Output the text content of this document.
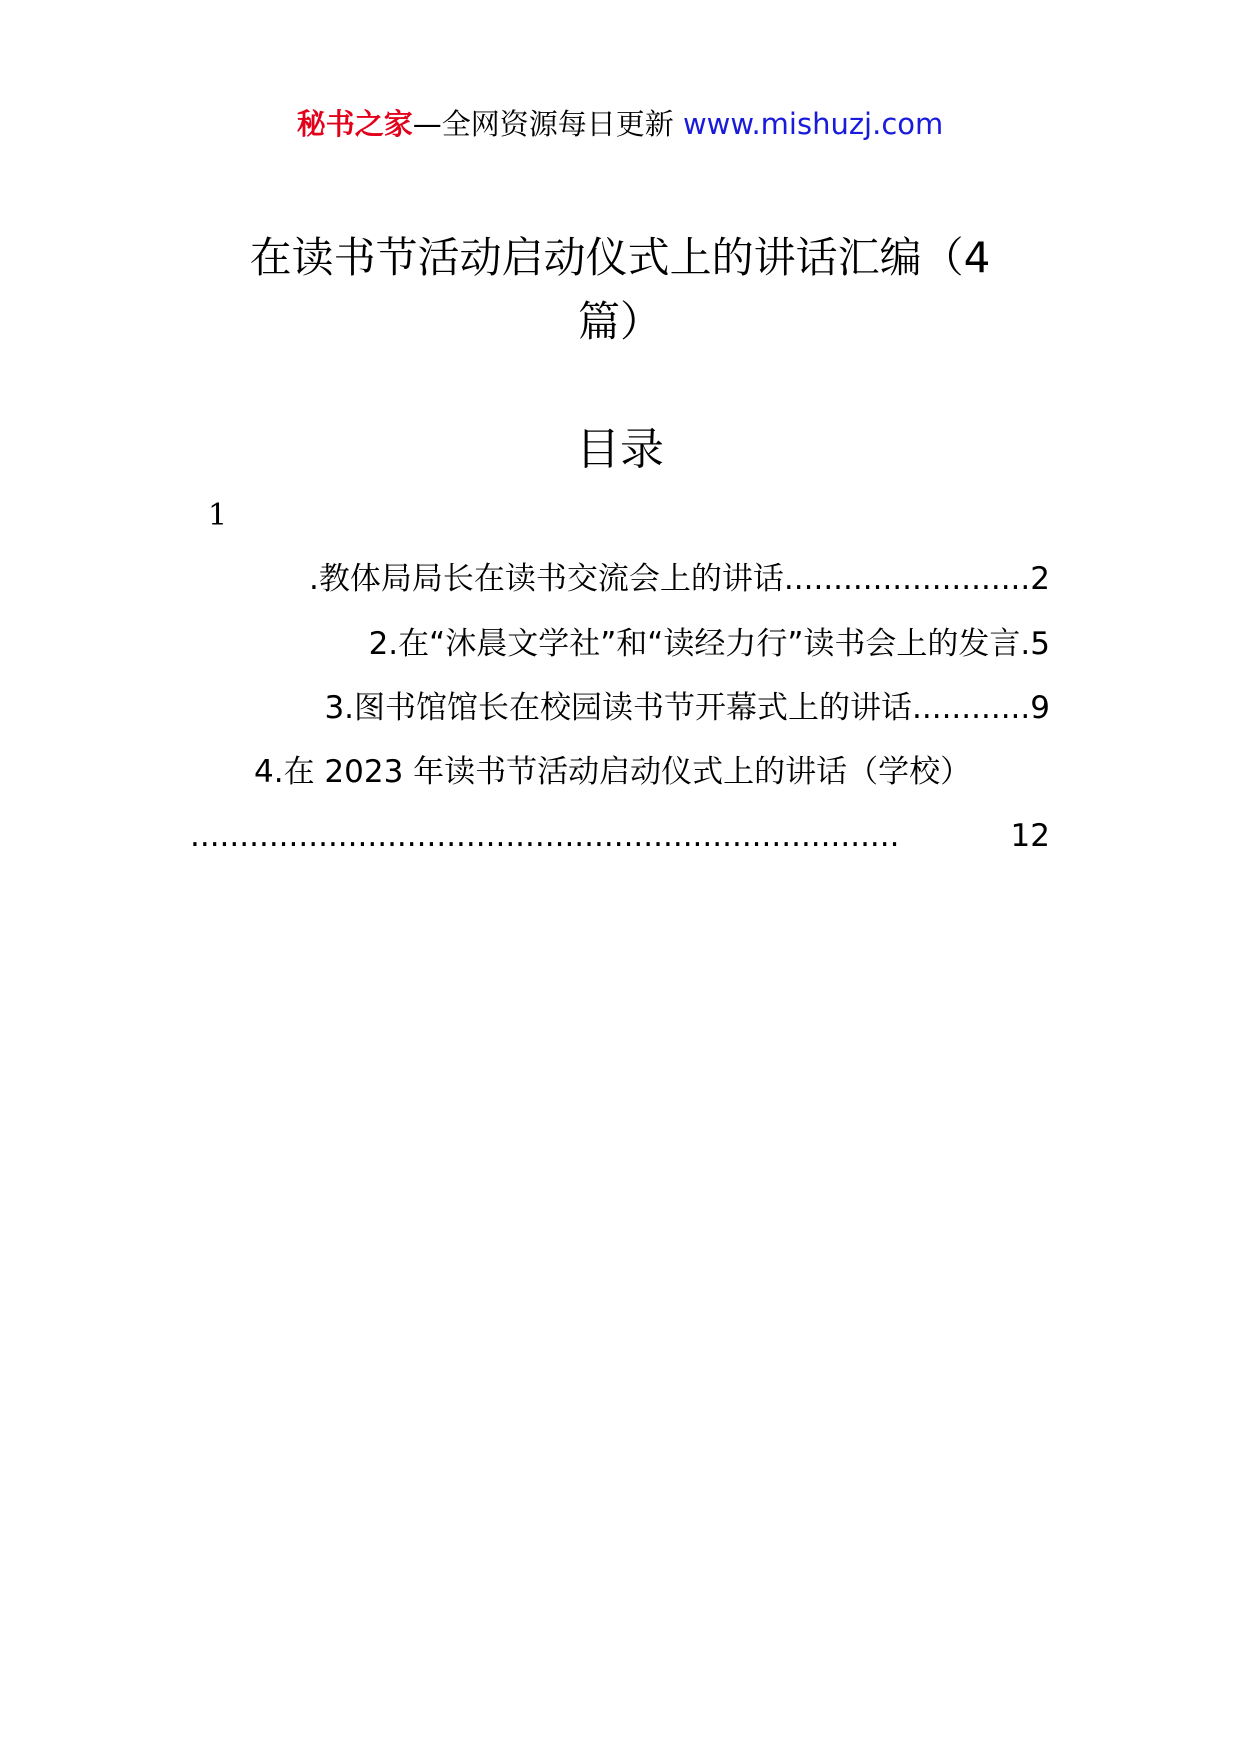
秘书之家—全网资源每日更新 www.mishuzj.com
在读书节活动启动仪式上的讲话汇编（4
篇）
目录
1
.教体局局长在读书交流会上的讲话.........................2
2.在“沐晨文学社”和“读经力行”读书会上的发言.5
3.图书馆馆长在校园读书节开幕式上的讲话............9
4.在 2023 年读书节活动启动仪式上的讲话（学校）
........................................................................	12
